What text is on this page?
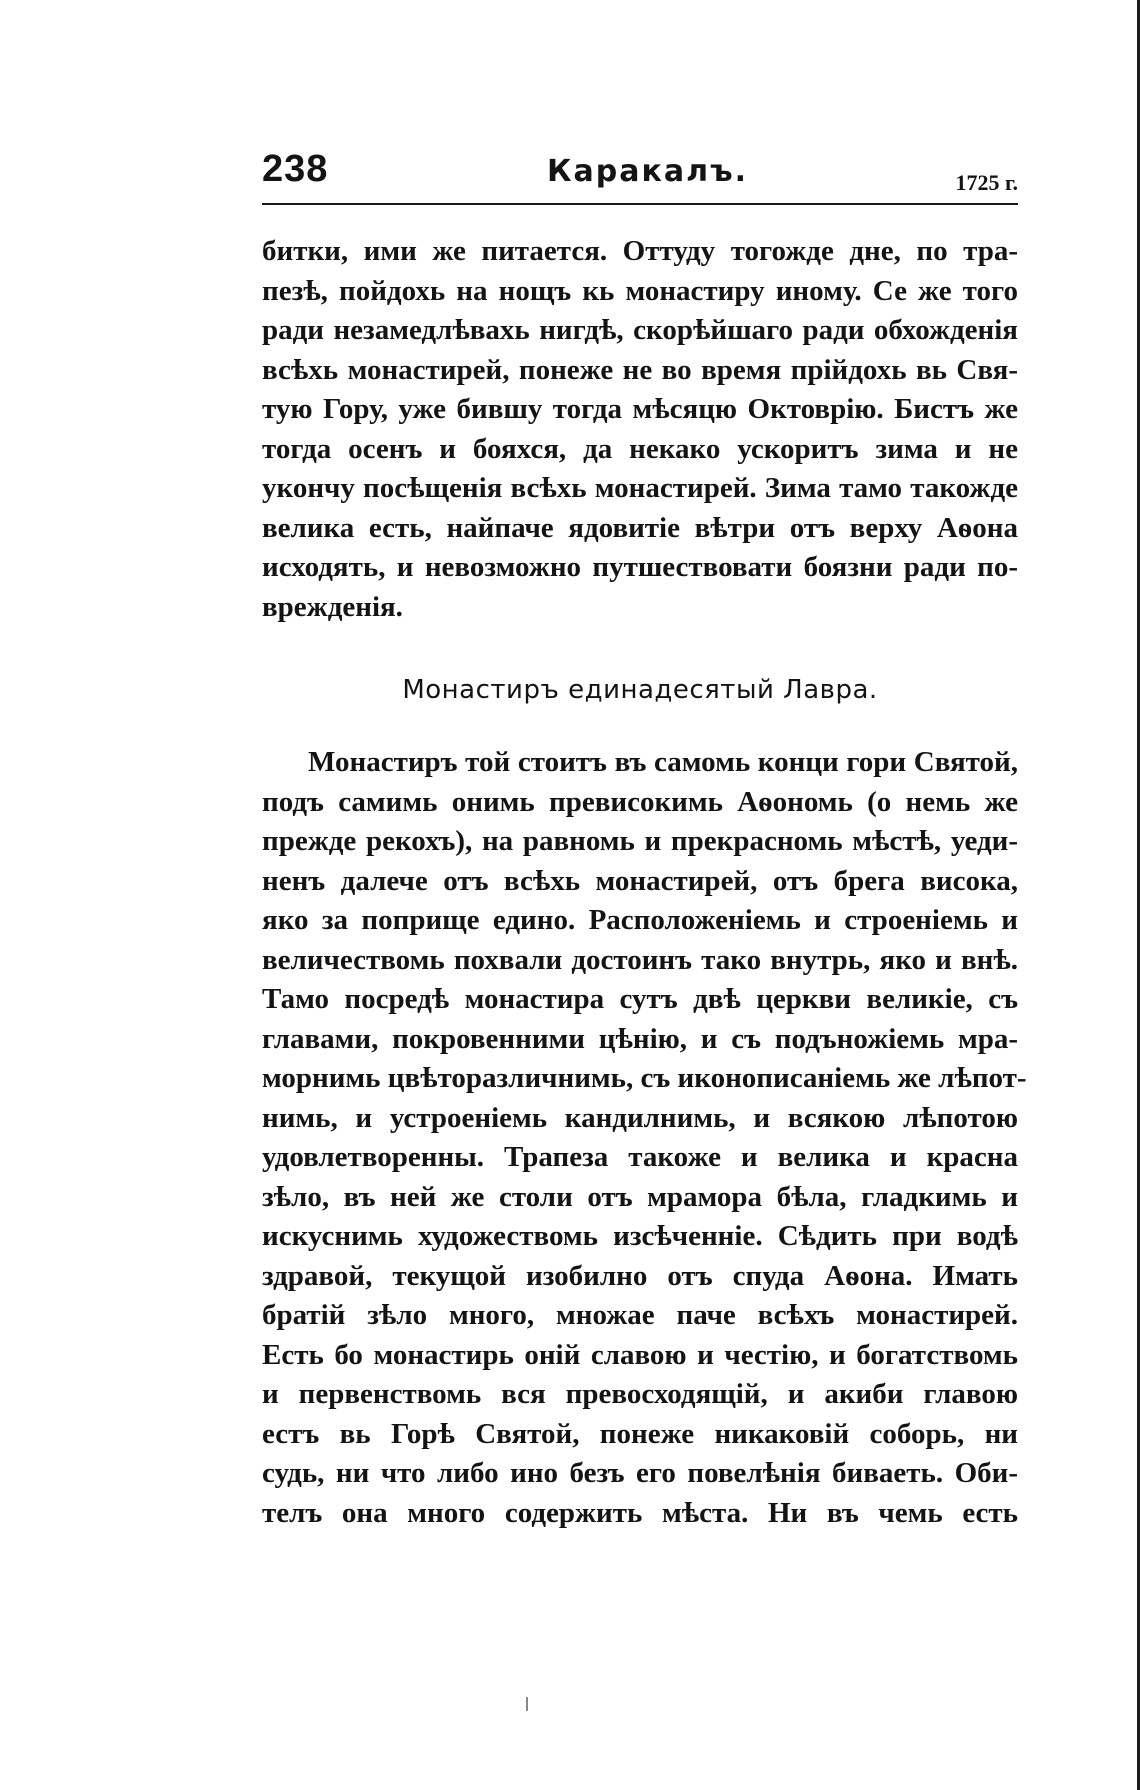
238	Каракалъ.	1725 г.
битки, ими же питается. Оттуду тогожде дне, по тра-
пезѣ, пойдохь на нощъ кь монастиру иному. Се же того
ради незамедлѣвахь нигдѣ, скорѣйшаго ради обхожденія
всѣхь монастирей, понеже не во время прійдохь вь Свя-
тую Гору, уже бившу тогда мѣсяцю Октоврію. Бистъ же
тогда осенъ и бояхся, да некако ускоритъ зима и не
укончу посѣщенія всѣхь монастирей. Зима тамо такожде
велика есть, найпаче ядовитіе вѣтри отъ верху Аѳона
исходять, и невозможно путшествовати боязни ради по-
врежденія.
Монастиръ единадесятый Лавра.
Монастиръ той стоитъ въ самомь конци гори Святой,
подъ самимь онимь превисокимь Аѳономь (о немь же
прежде рекохъ), на равномь и прекрасномь мѣстѣ, уеди-
ненъ далече отъ всѣхь монастирей, отъ брега висока,
яко за поприще едино. Расположеніемь и строеніемь и
величествомь похвали достоинъ тако внутрь, яко и внѣ.
Тамо посредѣ монастира сутъ двѣ церкви великіе, съ
главами, покровенними цѣнію, и съ подъножіемь мра-
морнимь цвѣторазличнимь, съ иконописаніемь же лѣпот-
нимь, и устроеніемь кандилнимь, и всякою лѣпотою
удовлетворенны. Трапеза такоже и велика и красна
зѣло, въ ней же столи отъ мрамора бѣла, гладкимь и
искуснимь художествомь изсѣченніе. Сѣдить при водѣ
здравой, текущой изобилно отъ спуда Аѳона. Имать
братій зѣло много, множае паче всѣхъ монастирей.
Есть бо монастирь оній славою и честію, и богатствомь
и первенствомь вся превосходящій, и акиби главою
естъ вь Горѣ Святой, понеже никаковій соборь, ни
судь, ни что либо ино безъ его повелѣнія биваеть. Оби-
телъ она много содержить мѣста. Ни въ чемь есть
